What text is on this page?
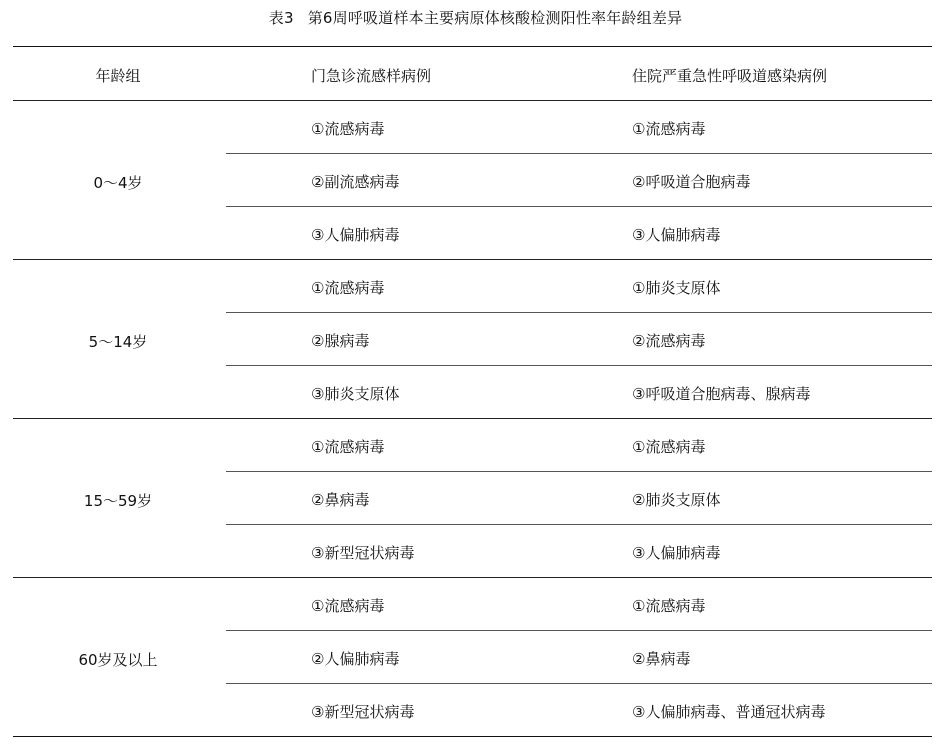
表3 第6周呼吸道样本主要病原体核酸检测阳性率年龄组差异
年龄组	门急诊流感样病例	住院严重急性呼吸道感染病例
0～4岁
①流感病毒	①流感病毒
②副流感病毒	②呼吸道合胞病毒
③人偏肺病毒	③人偏肺病毒
5～14岁
①流感病毒	①肺炎支原体
②腺病毒	②流感病毒
③肺炎支原体	③呼吸道合胞病毒、腺病毒
15～59岁
①流感病毒	①流感病毒
②鼻病毒	②肺炎支原体
③新型冠状病毒	③人偏肺病毒
60岁及以上
①流感病毒	①流感病毒
②人偏肺病毒	②鼻病毒
③新型冠状病毒	③人偏肺病毒、普通冠状病毒
